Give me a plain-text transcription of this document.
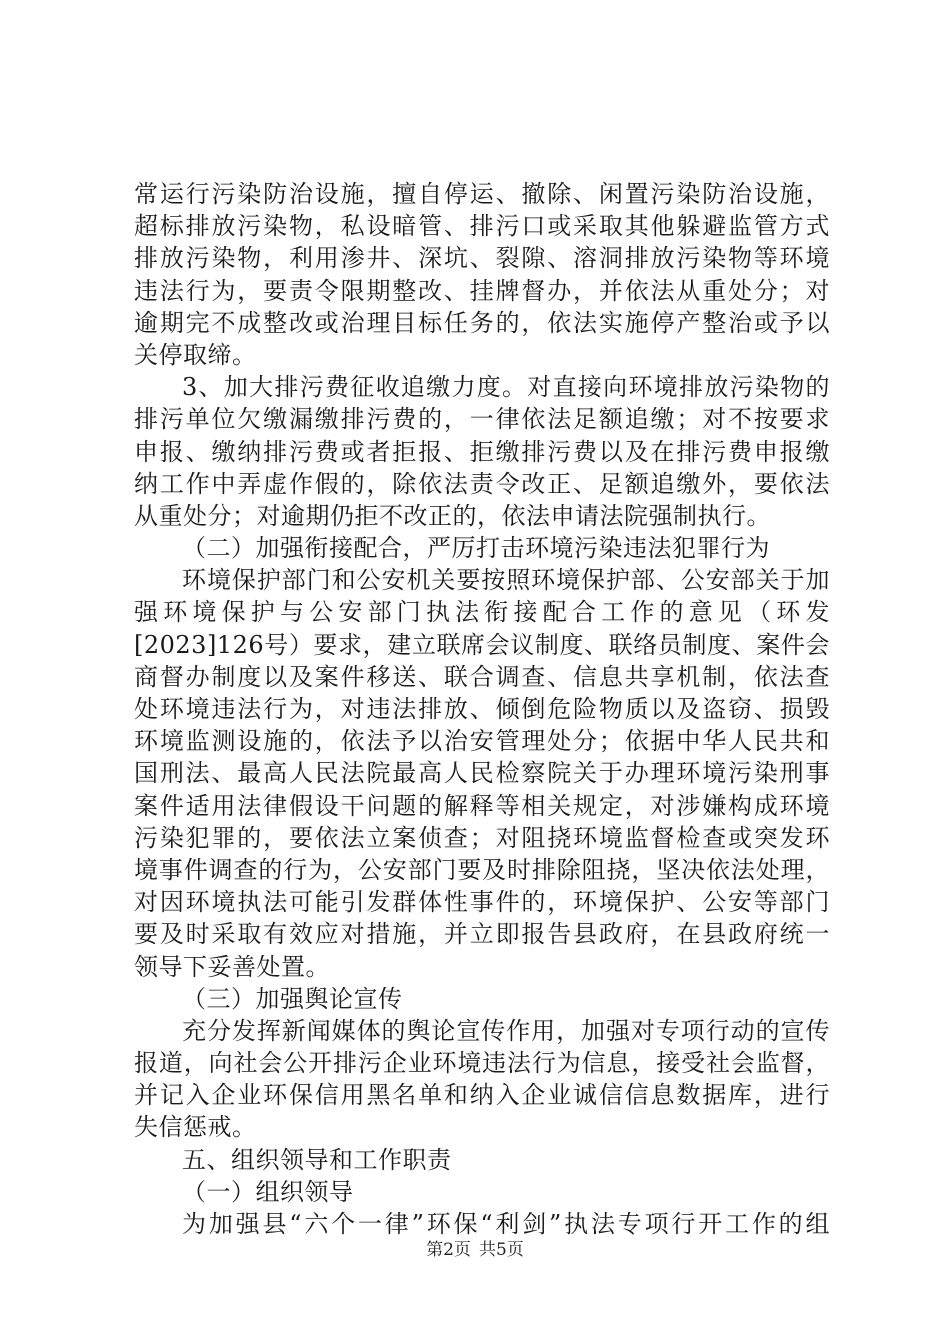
常运行污染防治设施，擅自停运、撤除、闲置污染防治设施，
超标排放污染物，私设暗管、排污口或采取其他躲避监管方式
排放污染物，利用渗井、深坑、裂隙、溶洞排放污染物等环境
违法行为，要责令限期整改、挂牌督办，并依法从重处分；对
逾期完不成整改或治理目标任务的，依法实施停产整治或予以
关停取缔。
3、加大排污费征收追缴力度。对直接向环境排放污染物的
排污单位欠缴漏缴排污费的，一律依法足额追缴；对不按要求
申报、缴纳排污费或者拒报、拒缴排污费以及在排污费申报缴
纳工作中弄虚作假的，除依法责令改正、足额追缴外，要依法
从重处分；对逾期仍拒不改正的，依法申请法院强制执行。
（二）加强衔接配合，严厉打击环境污染违法犯罪行为
环境保护部门和公安机关要按照环境保护部、公安部关于加
强环境保护与公安部门执法衔接配合工作的意见（环发
[2023]126号）要求，建立联席会议制度、联络员制度、案件会
商督办制度以及案件移送、联合调查、信息共享机制，依法查
处环境违法行为，对违法排放、倾倒危险物质以及盗窃、损毁
环境监测设施的，依法予以治安管理处分；依据中华人民共和
国刑法、最高人民法院最高人民检察院关于办理环境污染刑事
案件适用法律假设干问题的解释等相关规定，对涉嫌构成环境
污染犯罪的，要依法立案侦查；对阻挠环境监督检查或突发环
境事件调查的行为，公安部门要及时排除阻挠，坚决依法处理，
对因环境执法可能引发群体性事件的，环境保护、公安等部门
要及时采取有效应对措施，并立即报告县政府，在县政府统一
领导下妥善处置。
（三）加强舆论宣传
充分发挥新闻媒体的舆论宣传作用，加强对专项行动的宣传
报道，向社会公开排污企业环境违法行为信息，接受社会监督，
并记入企业环保信用黑名单和纳入企业诚信信息数据库，进行
失信惩戒。
五、组织领导和工作职责
（一）组织领导
为加强县“六个一律”环保“利剑”执法专项行开工作的组
第2页 共5页
